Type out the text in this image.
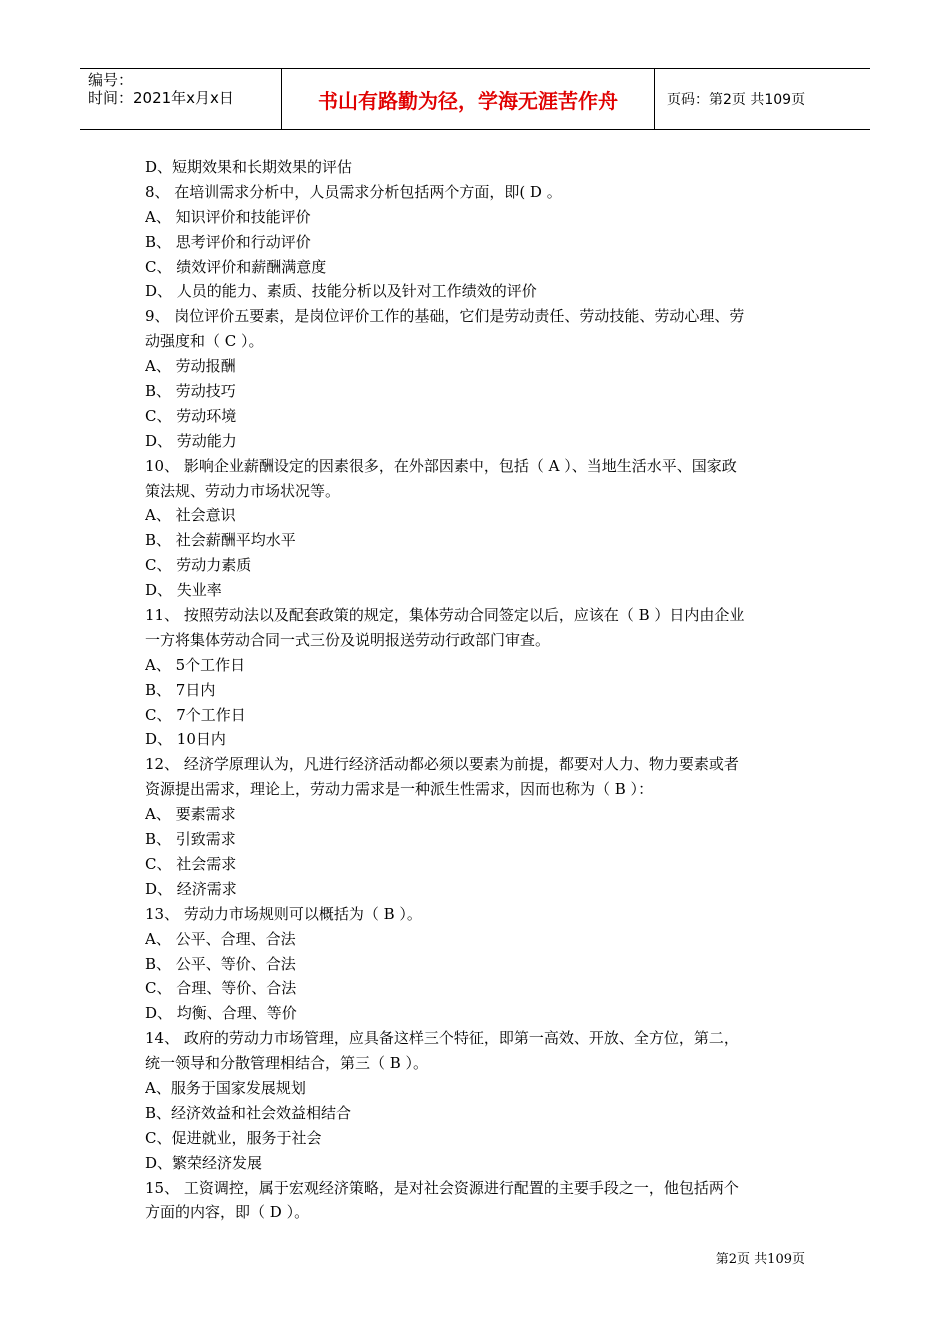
编号：
时间：2021年x月x日	书山有路勤为径，学海无涯苦作舟	页码：第2页 共109页
D、短期效果和长期效果的评估
8、 在培训需求分析中，人员需求分析包括两个方面，即( D 。
A、 知识评价和技能评价
B、 思考评价和行动评价
C、 绩效评价和薪酬满意度
D、 人员的能力、素质、技能分析以及针对工作绩效的评价
9、 岗位评价五要素，是岗位评价工作的基础，它们是劳动责任、劳动技能、劳动心理、劳
动强度和（ C ）。
A、 劳动报酬
B、 劳动技巧
C、 劳动环境
D、 劳动能力
10、 影响企业薪酬设定的因素很多，在外部因素中，包括（ A ）、当地生活水平、国家政
策法规、劳动力市场状况等。
A、 社会意识
B、 社会薪酬平均水平
C、 劳动力素质
D、 失业率
11、 按照劳动法以及配套政策的规定，集体劳动合同签定以后，应该在（ B ）日内由企业
一方将集体劳动合同一式三份及说明报送劳动行政部门审查。
A、 5个工作日
B、 7日内
C、 7个工作日
D、 10日内
12、 经济学原理认为，凡进行经济活动都必须以要素为前提，都要对人力、物力要素或者
资源提出需求，理论上，劳动力需求是一种派生性需求，因而也称为（ B ）：
A、 要素需求
B、 引致需求
C、 社会需求
D、 经济需求
13、 劳动力市场规则可以概括为（ B ）。
A、 公平、合理、合法
B、 公平、等价、合法
C、 合理、等价、合法
D、 均衡、合理、等价
14、 政府的劳动力市场管理，应具备这样三个特征，即第一高效、开放、全方位，第二，
统一领导和分散管理相结合，第三（ B ）。
A、服务于国家发展规划
B、经济效益和社会效益相结合
C、促进就业，服务于社会
D、繁荣经济发展
15、 工资调控，属于宏观经济策略，是对社会资源进行配置的主要手段之一，他包括两个
方面的内容，即（ D ）。
第2页 共109页
